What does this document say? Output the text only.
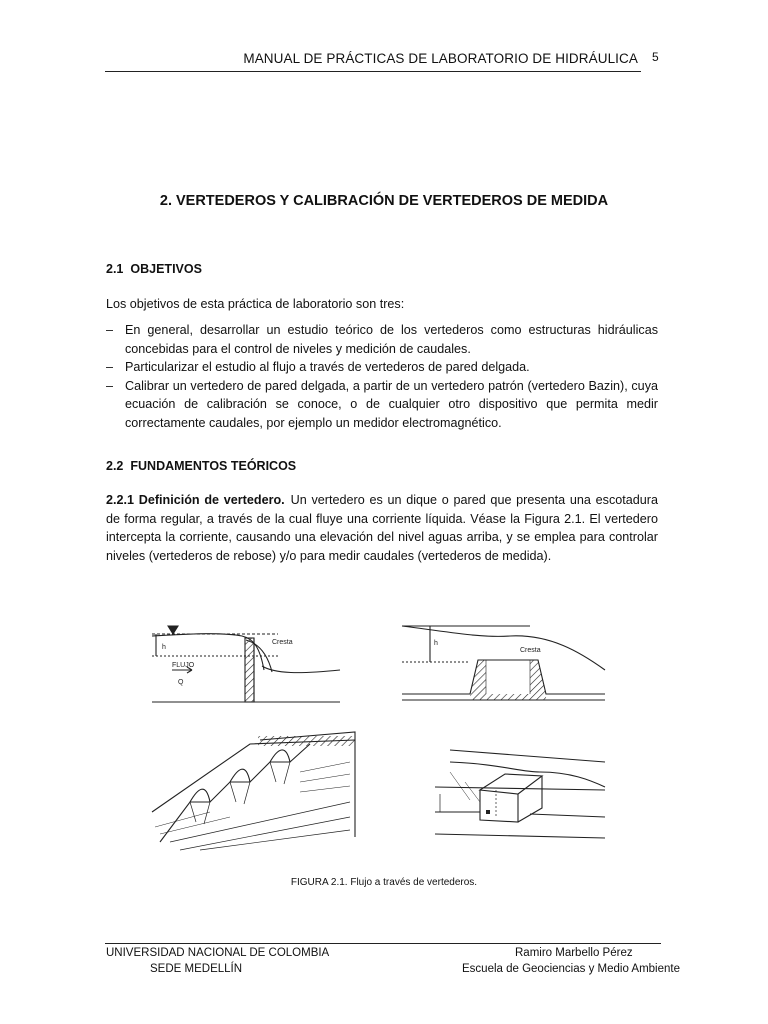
MANUAL DE PRÁCTICAS DE LABORATORIO DE HIDRÁULICA 5
2. VERTEDEROS Y CALIBRACIÓN DE VERTEDEROS DE MEDIDA
2.1 OBJETIVOS
Los objetivos de esta práctica de laboratorio son tres:
– En general, desarrollar un estudio teórico de los vertederos como estructuras hidráulicas concebidas para el control de niveles y medición de caudales.
– Particularizar el estudio al flujo a través de vertederos de pared delgada.
– Calibrar un vertedero de pared delgada, a partir de un vertedero patrón (vertedero Bazin), cuya ecuación de calibración se conoce, o de cualquier otro dispositivo que permita medir correctamente caudales, por ejemplo un medidor electromagnético.
2.2 FUNDAMENTOS TEÓRICOS
2.2.1 Definición de vertedero. Un vertedero es un dique o pared que presenta una escotadura de forma regular, a través de la cual fluye una corriente líquida. Véase la Figura 2.1. El vertedero intercepta la corriente, causando una elevación del nivel aguas arriba, y se emplea para controlar niveles (vertederos de rebose) y/o para medir caudales (vertederos de medida).
h
Cresta
FLUJO
Q
h
Cresta
FIGURA 2.1. Flujo a través de vertederos.
UNIVERSIDAD NACIONAL DE COLOMBIA
SEDE MEDELLÍN
Ramiro Marbello Pérez
Escuela de Geociencias y Medio Ambiente
